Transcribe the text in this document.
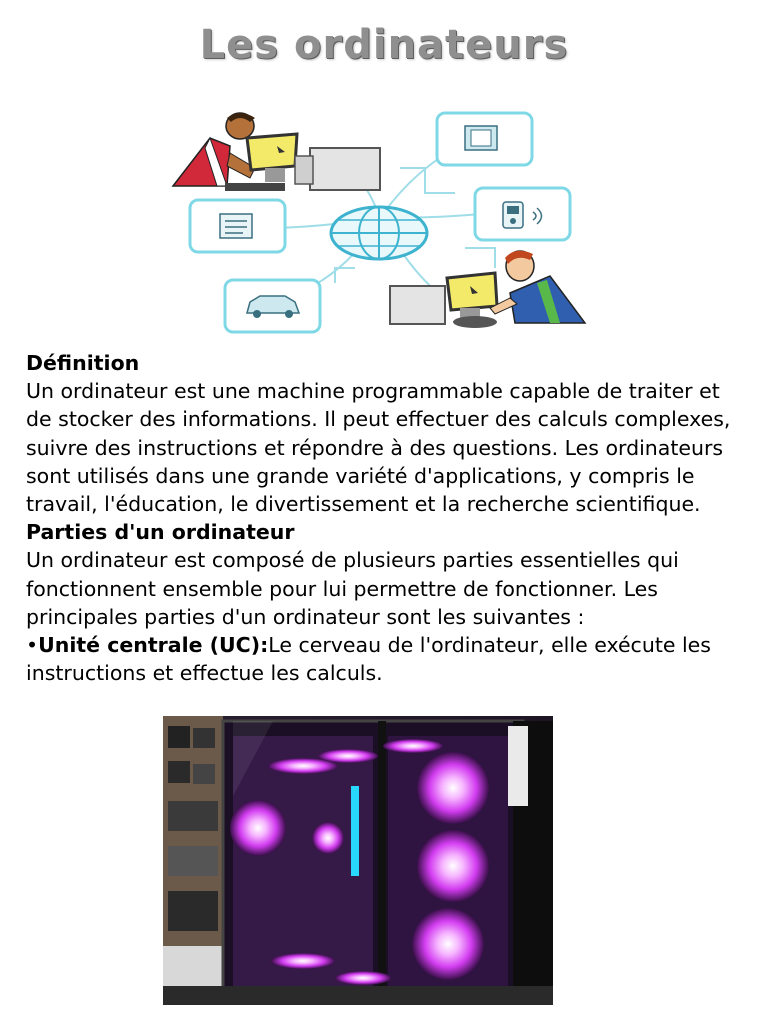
Les ordinateurs

Définition

Un ordinateur est une machine programmable capable de traiter et de stocker des informations. Il peut effectuer des calculs complexes, suivre des instructions et répondre à des questions. Les ordinateurs sont utilisés dans une grande variété d'applications, y compris le travail, l'éducation, le divertissement et la recherche scientifique.

Parties d'un ordinateur

Un ordinateur est composé de plusieurs parties essentielles qui fonctionnent ensemble pour lui permettre de fonctionner. Les principales parties d'un ordinateur sont les suivantes :

•Unité centrale (UC):Le cerveau de l'ordinateur, elle exécute les instructions et effectue les calculs.
